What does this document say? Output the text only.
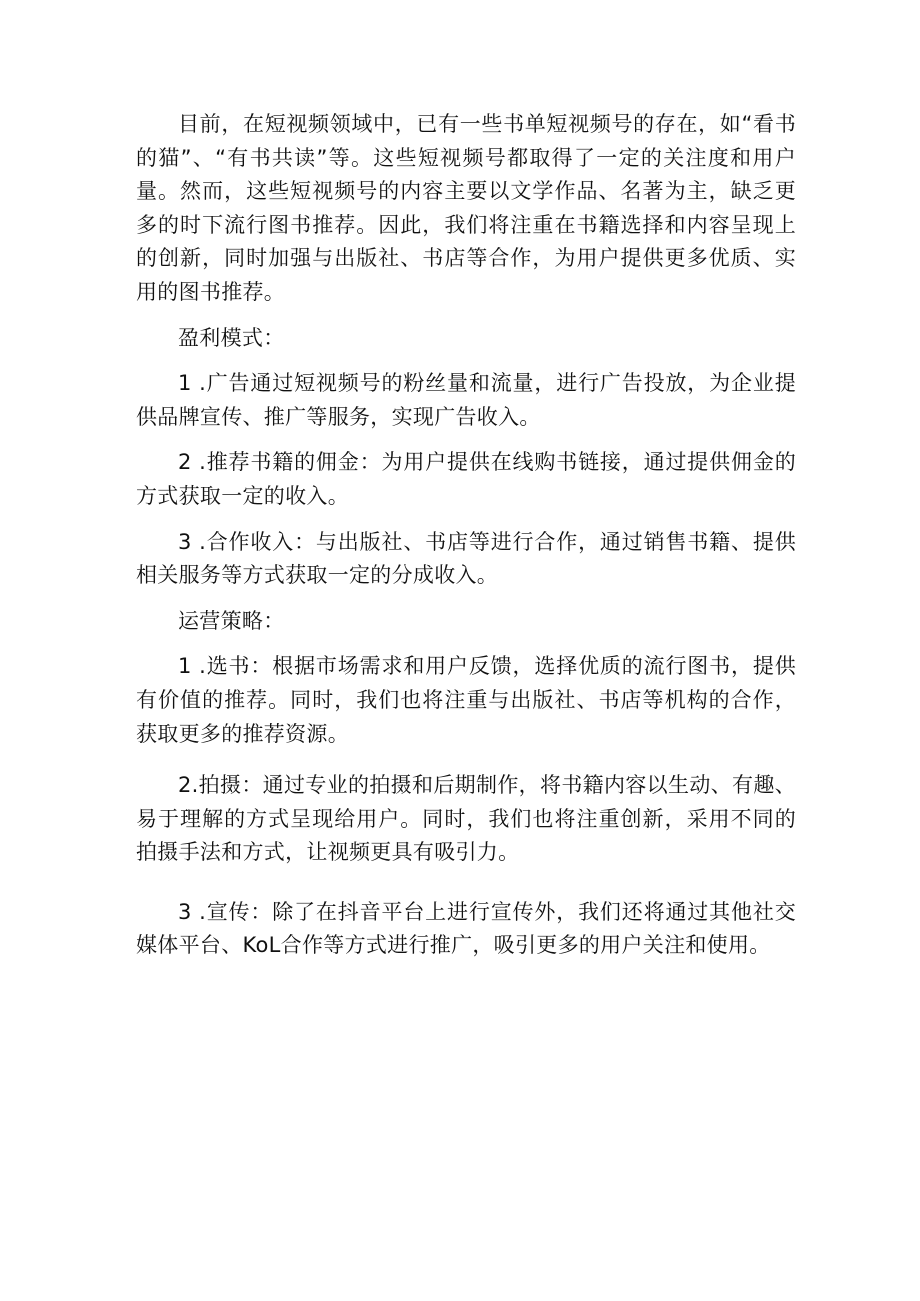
目前，在短视频领域中，已有一些书单短视频号的存在，如“看书的猫”、“有书共读”等。这些短视频号都取得了一定的关注度和用户量。然而，这些短视频号的内容主要以文学作品、名著为主，缺乏更多的时下流行图书推荐。因此，我们将注重在书籍选择和内容呈现上的创新，同时加强与出版社、书店等合作，为用户提供更多优质、实用的图书推荐。

盈利模式：

1 .广告通过短视频号的粉丝量和流量，进行广告投放，为企业提供品牌宣传、推广等服务，实现广告收入。

2 .推荐书籍的佣金：为用户提供在线购书链接，通过提供佣金的方式获取一定的收入。

3 .合作收入：与出版社、书店等进行合作，通过销售书籍、提供相关服务等方式获取一定的分成收入。

运营策略：

1 .选书：根据市场需求和用户反馈，选择优质的流行图书，提供有价值的推荐。同时，我们也将注重与出版社、书店等机构的合作，获取更多的推荐资源。

2.拍摄：通过专业的拍摄和后期制作，将书籍内容以生动、有趣、易于理解的方式呈现给用户。同时，我们也将注重创新，采用不同的拍摄手法和方式，让视频更具有吸引力。

3 .宣传：除了在抖音平台上进行宣传外，我们还将通过其他社交媒体平台、KoL合作等方式进行推广，吸引更多的用户关注和使用。
